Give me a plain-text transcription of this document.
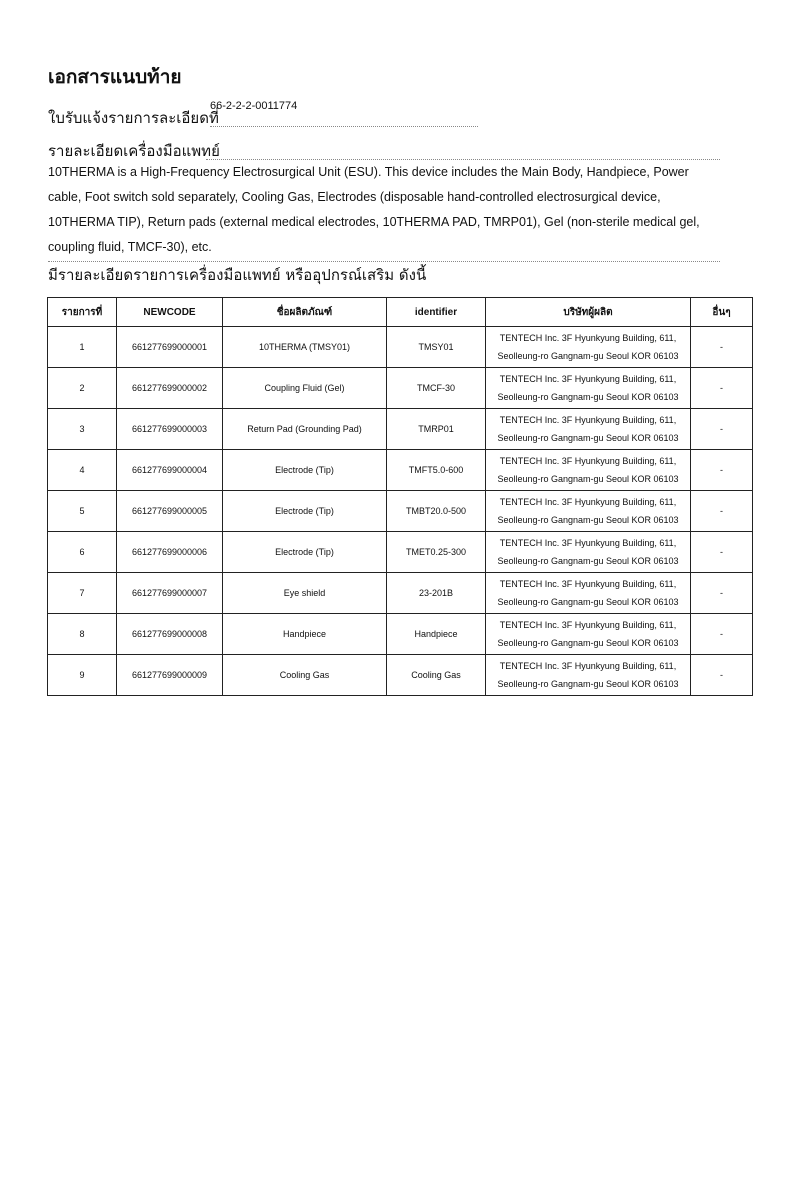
เอกสารแนบท้าย
ใบรับแจ้งรายการละเอียดที่
66-2-2-2-0011774
รายละเอียดเครื่องมือแพทย์

10THERMA is a High-Frequency Electrosurgical Unit (ESU). This device includes the Main Body, Handpiece, Power cable, Foot switch sold separately, Cooling Gas, Electrodes (disposable hand-controlled electrosurgical device, 10THERMA TIP), Return pads (external medical electrodes, 10THERMA PAD, TMRP01), Gel (non-sterile medical gel, coupling fluid, TMCF-30), etc.

มีรายละเอียดรายการเครื่องมือแพทย์ หรืออุปกรณ์เสริม ดังนี้

รายการที่	NEWCODE	ชื่อผลิตภัณฑ์	identifier	บริษัทผู้ผลิต	อื่นๆ
1	661277699000001	10THERMA (TMSY01)	TMSY01	TENTECH Inc. 3F Hyunkyung Building, 611,
Seolleung-ro Gangnam-gu Seoul KOR 06103	-
2	661277699000002	Coupling Fluid (Gel)	TMCF-30	TENTECH Inc. 3F Hyunkyung Building, 611,
Seolleung-ro Gangnam-gu Seoul KOR 06103	-
3	661277699000003	Return Pad (Grounding Pad)	TMRP01	TENTECH Inc. 3F Hyunkyung Building, 611,
Seolleung-ro Gangnam-gu Seoul KOR 06103	-
4	661277699000004	Electrode (Tip)	TMFT5.0-600	TENTECH Inc. 3F Hyunkyung Building, 611,
Seolleung-ro Gangnam-gu Seoul KOR 06103	-
5	661277699000005	Electrode (Tip)	TMBT20.0-500	TENTECH Inc. 3F Hyunkyung Building, 611,
Seolleung-ro Gangnam-gu Seoul KOR 06103	-
6	661277699000006	Electrode (Tip)	TMET0.25-300	TENTECH Inc. 3F Hyunkyung Building, 611,
Seolleung-ro Gangnam-gu Seoul KOR 06103	-
7	661277699000007	Eye shield	23-201B	TENTECH Inc. 3F Hyunkyung Building, 611,
Seolleung-ro Gangnam-gu Seoul KOR 06103	-
8	661277699000008	Handpiece	Handpiece	TENTECH Inc. 3F Hyunkyung Building, 611,
Seolleung-ro Gangnam-gu Seoul KOR 06103	-
9	661277699000009	Cooling Gas	Cooling Gas	TENTECH Inc. 3F Hyunkyung Building, 611,
Seolleung-ro Gangnam-gu Seoul KOR 06103	-
